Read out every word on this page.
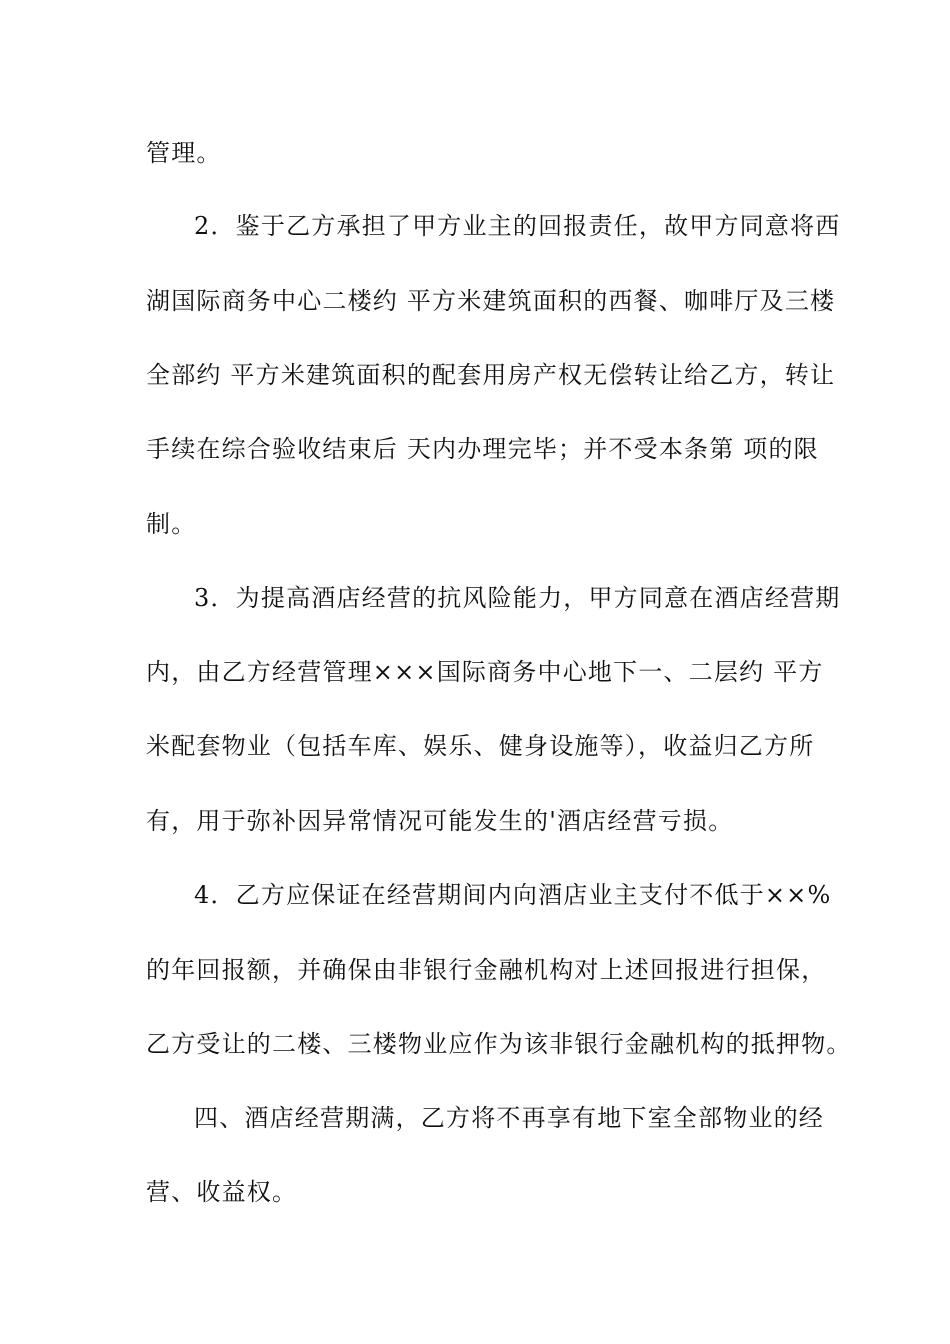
管理。
2．鉴于乙方承担了甲方业主的回报责任，故甲方同意将西
湖国际商务中心二楼约 平方米建筑面积的西餐、咖啡厅及三楼
全部约 平方米建筑面积的配套用房产权无偿转让给乙方，转让
手续在综合验收结束后 天内办理完毕；并不受本条第 项的限
制。
3．为提高酒店经营的抗风险能力，甲方同意在酒店经营期
内，由乙方经营管理×××国际商务中心地下一、二层约 平方
米配套物业（包括车库、娱乐、健身设施等），收益归乙方所
有，用于弥补因异常情况可能发生的'酒店经营亏损。
4．乙方应保证在经营期间内向酒店业主支付不低于××%
的年回报额，并确保由非银行金融机构对上述回报进行担保，
乙方受让的二楼、三楼物业应作为该非银行金融机构的抵押物。
四、酒店经营期满，乙方将不再享有地下室全部物业的经
营、收益权。
